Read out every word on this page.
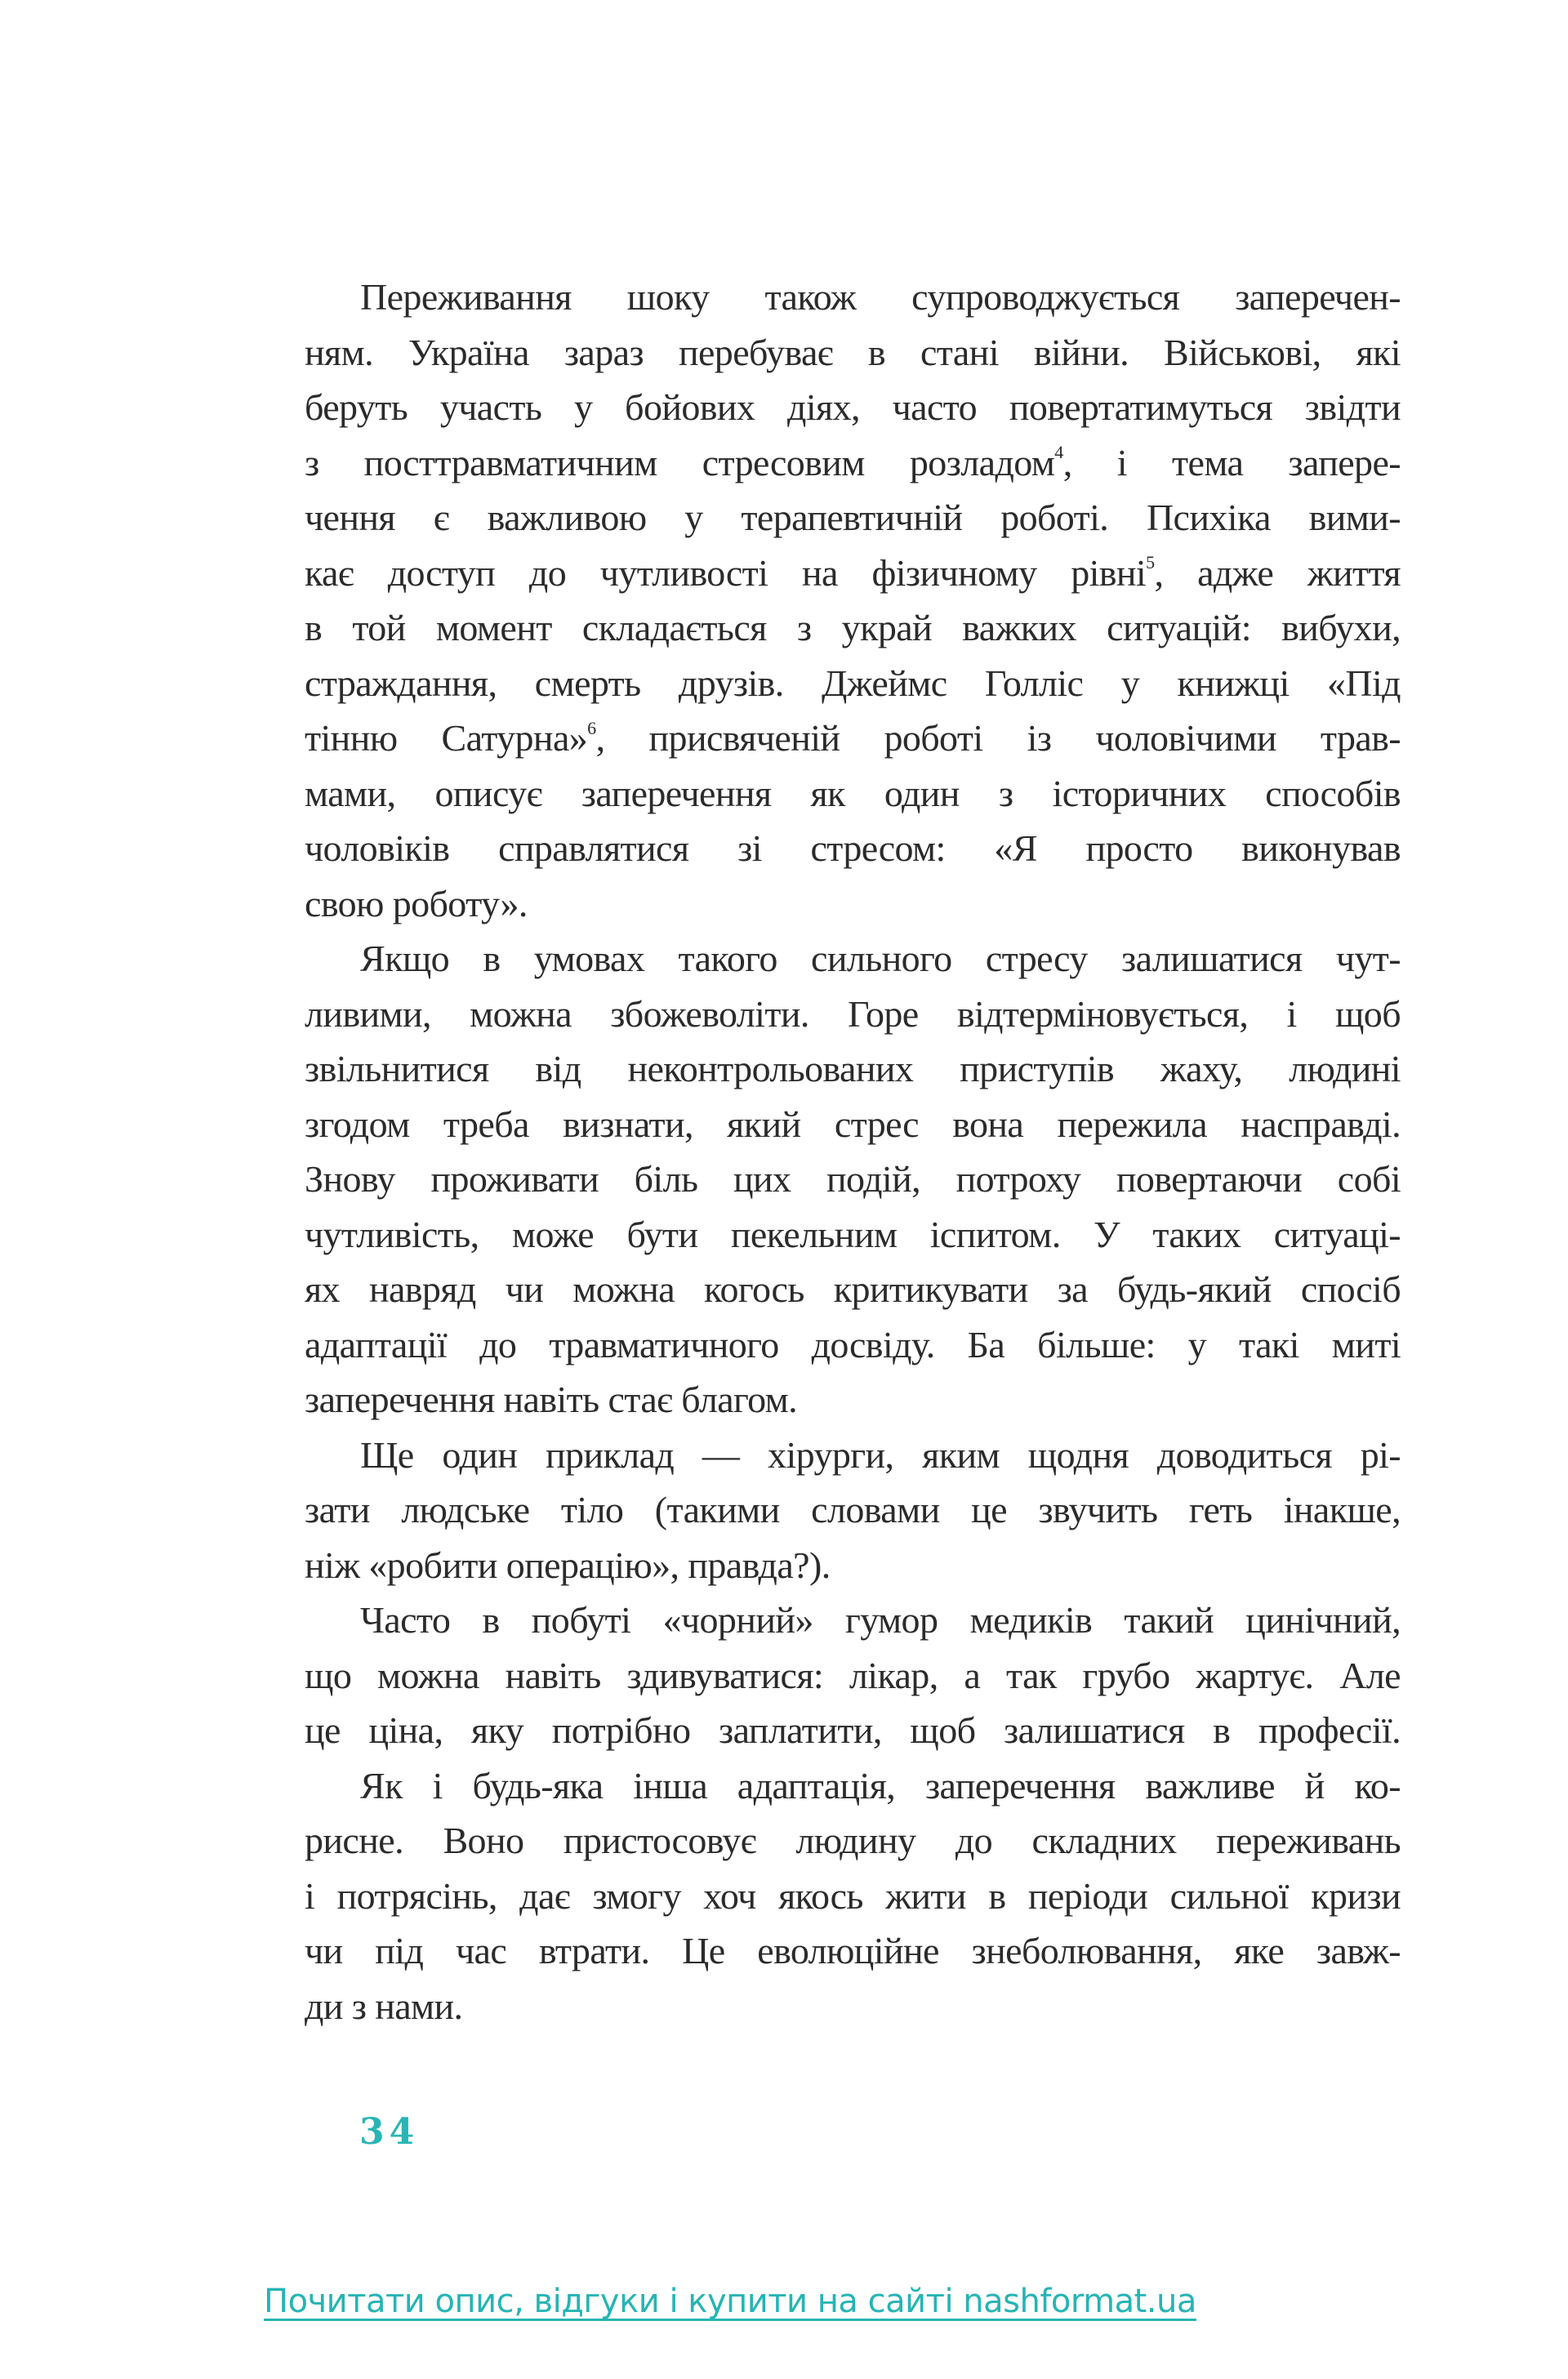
Переживання шоку також супроводжується заперечен-
ням. Україна зараз перебуває в стані війни. Військові, які
беруть участь у бойових діях, часто повертатимуться звідти
з посттравматичним стресовим розладом$^4$, і тема запере-
чення є важливою у терапевтичній роботі. Психіка вими-
кає доступ до чутливості на фізичному рівні$^5$, адже життя
в той момент складається з украй важких ситуацій: вибухи,
страждання, смерть друзів. Джеймс Голліс у книжці «Під
тінню Сатурна»$^6$, присвяченій роботі із чоловічими трав-
мами, описує заперечення як один з історичних способів
чоловіків справлятися зі стресом: «Я просто виконував
свою роботу».

Якщо в умовах такого сильного стресу залишатися чут-
ливими, можна збожеволіти. Горе відтерміновується, і щоб
звільнитися від неконтрольованих приступів жаху, людині
згодом треба визнати, який стрес вона пережила насправді.
Знову проживати біль цих подій, потроху повертаючи собі
чутливість, може бути пекельним іспитом. У таких ситуаці-
ях навряд чи можна когось критикувати за будь-який спосіб
адаптації до травматичного досвіду. Ба більше: у такі миті
заперечення навіть стає благом.

Ще один приклад — хірурги, яким щодня доводиться рі-
зати людське тіло (такими словами це звучить геть інакше,
ніж «робити операцію», правда?).

Часто в побуті «чорний» гумор медиків такий цинічний,
що можна навіть здивуватися: лікар, а так грубо жартує. Але
це ціна, яку потрібно заплатити, щоб залишатися в професії.

Як і будь-яка інша адаптація, заперечення важливе й ко-
рисне. Воно пристосовує людину до складних переживань
і потрясінь, дає змогу хоч якось жити в періоди сильної кризи
чи під час втрати. Це еволюційне знеболювання, яке завж-
ди з нами.

34
Почитати опис, відгуки і купити на сайті nashformat.ua
